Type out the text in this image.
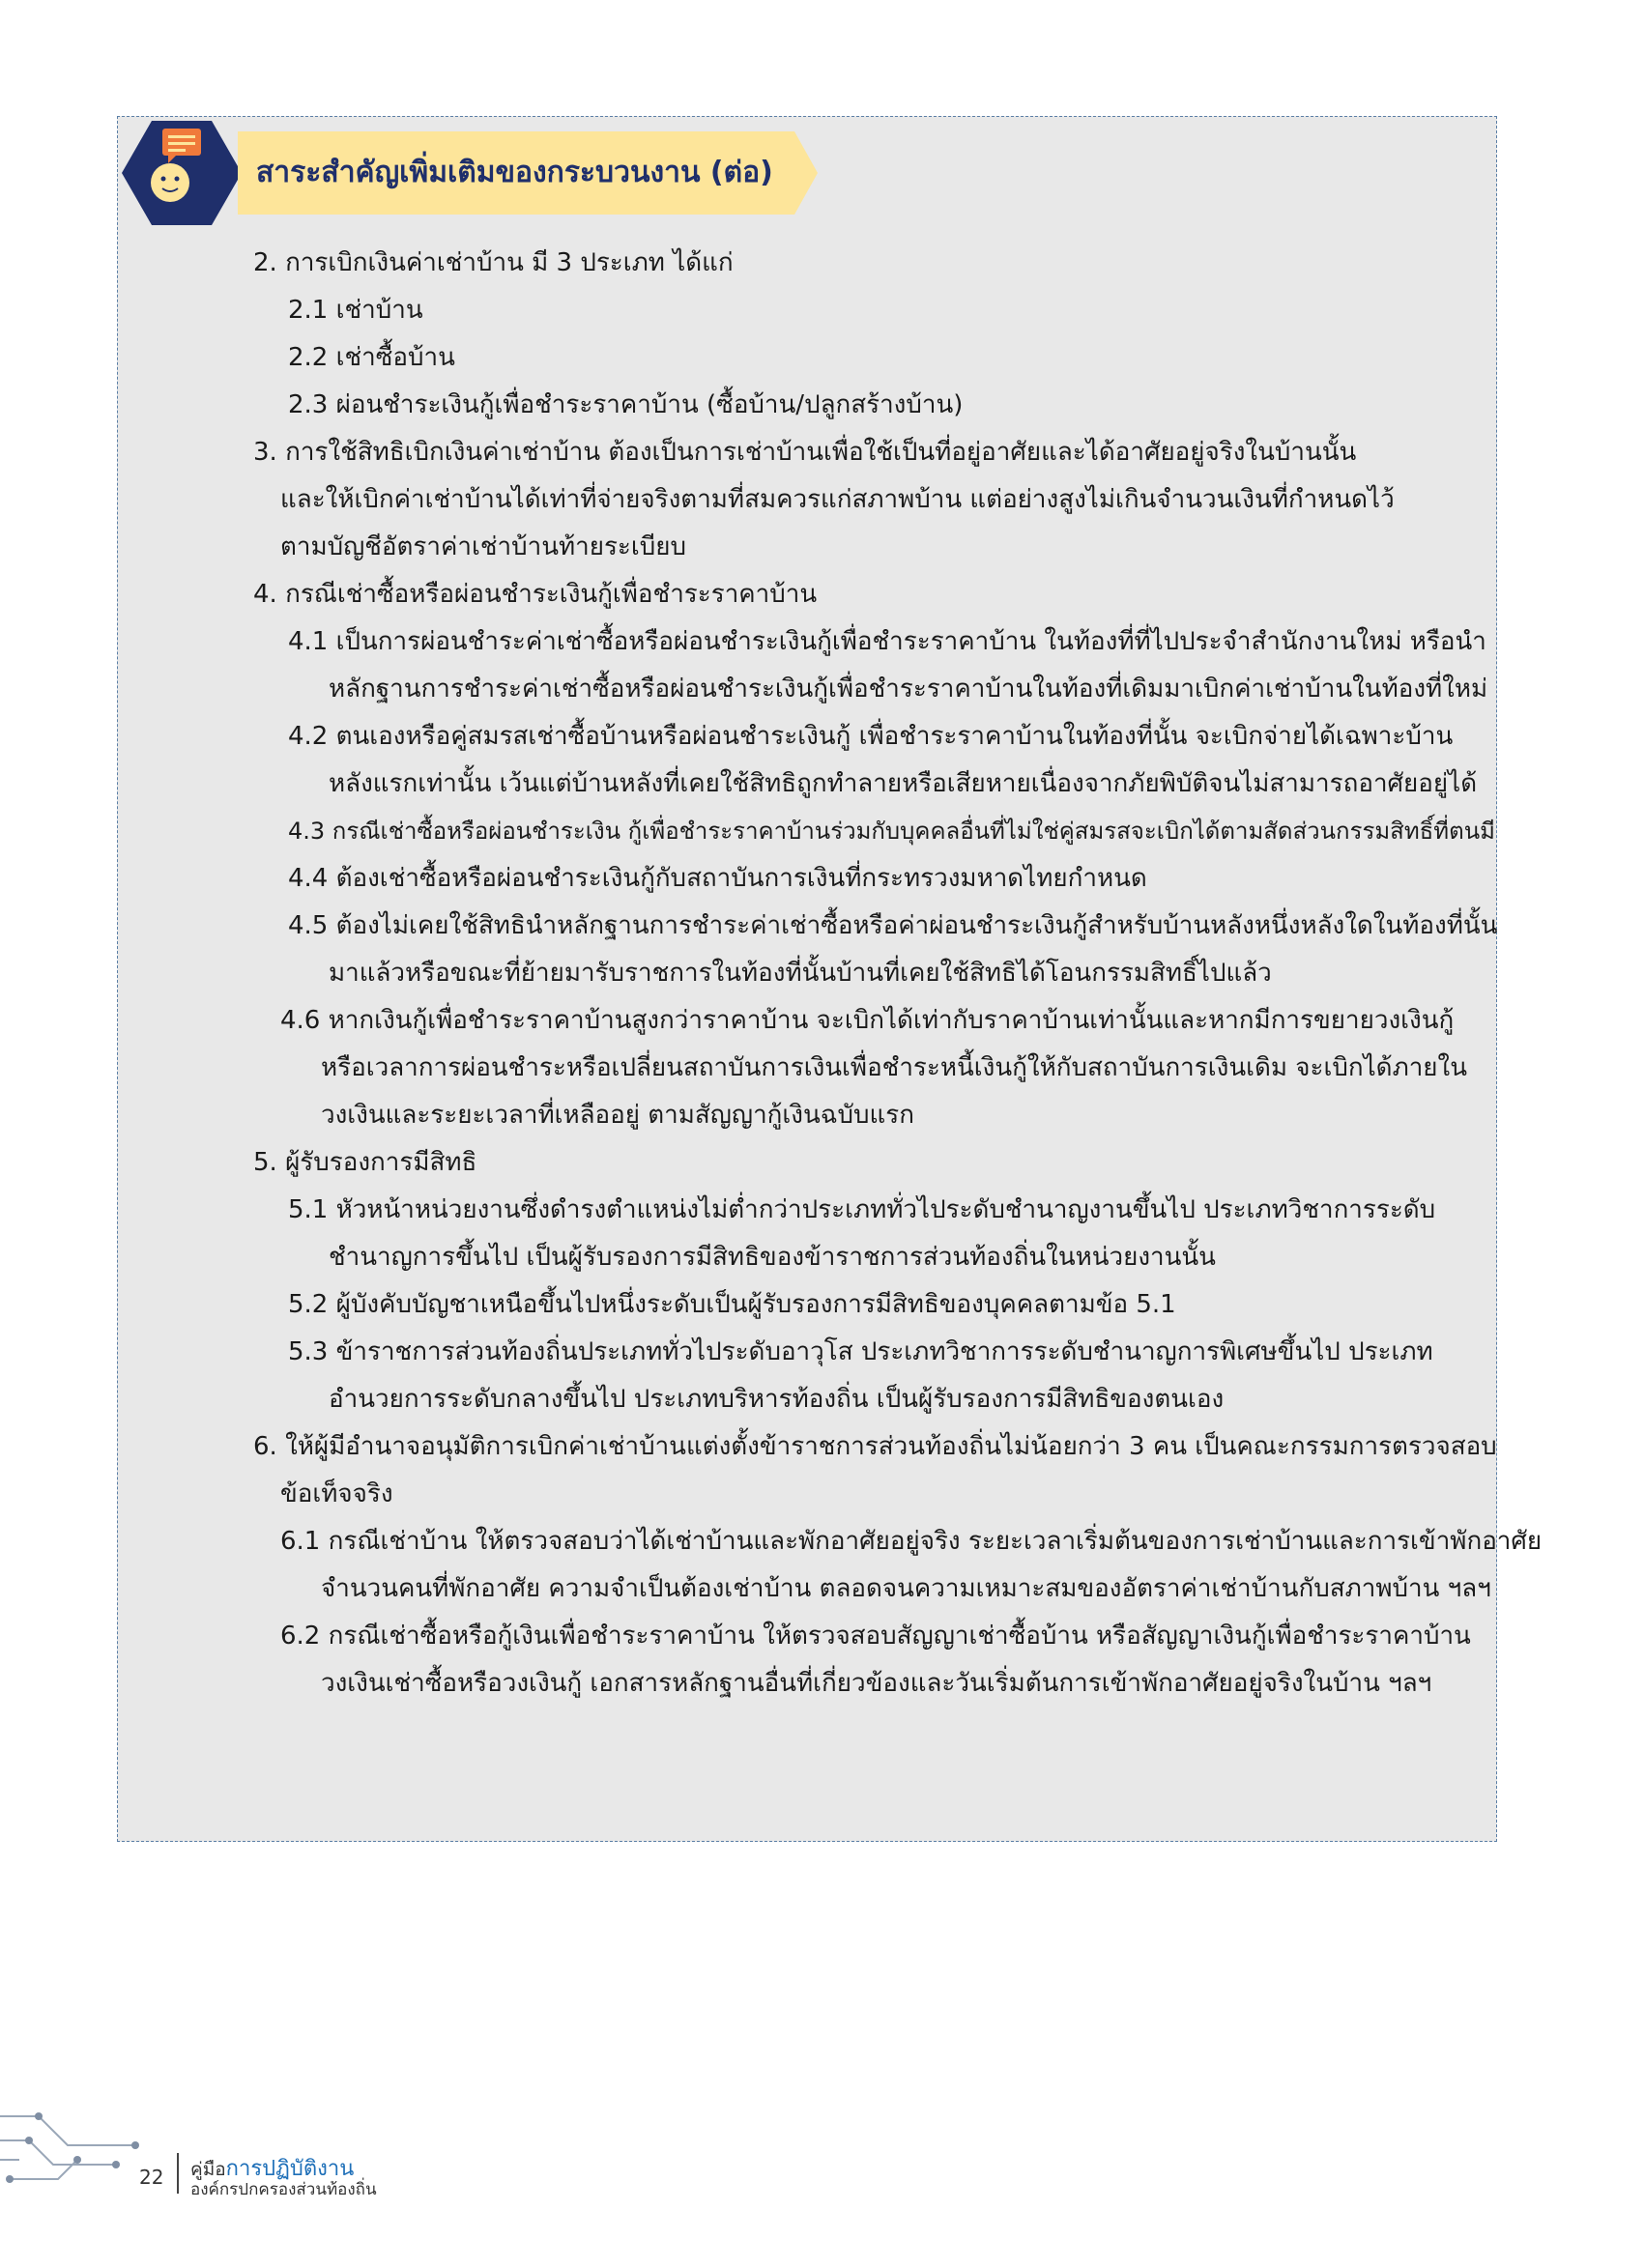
สาระสำคัญเพิ่มเติมของกระบวนงาน (ต่อ)
2. การเบิกเงินค่าเช่าบ้าน มี 3 ประเภท ได้แก่
2.1 เช่าบ้าน
2.2 เช่าซื้อบ้าน
2.3 ผ่อนชำระเงินกู้เพื่อชำระราคาบ้าน (ซื้อบ้าน/ปลูกสร้างบ้าน)
3. การใช้สิทธิเบิกเงินค่าเช่าบ้าน ต้องเป็นการเช่าบ้านเพื่อใช้เป็นที่อยู่อาศัยและได้อาศัยอยู่จริงในบ้านนั้น
และให้เบิกค่าเช่าบ้านได้เท่าที่จ่ายจริงตามที่สมควรแก่สภาพบ้าน แต่อย่างสูงไม่เกินจำนวนเงินที่กำหนดไว้
ตามบัญชีอัตราค่าเช่าบ้านท้ายระเบียบ
4. กรณีเช่าซื้อหรือผ่อนชำระเงินกู้เพื่อชำระราคาบ้าน
4.1 เป็นการผ่อนชำระค่าเช่าซื้อหรือผ่อนชำระเงินกู้เพื่อชำระราคาบ้าน ในท้องที่ที่ไปประจำสำนักงานใหม่ หรือนำ
หลักฐานการชำระค่าเช่าซื้อหรือผ่อนชำระเงินกู้เพื่อชำระราคาบ้านในท้องที่เดิมมาเบิกค่าเช่าบ้านในท้องที่ใหม่
4.2 ตนเองหรือคู่สมรสเช่าซื้อบ้านหรือผ่อนชำระเงินกู้ เพื่อชำระราคาบ้านในท้องที่นั้น จะเบิกจ่ายได้เฉพาะบ้าน
หลังแรกเท่านั้น เว้นแต่บ้านหลังที่เคยใช้สิทธิถูกทำลายหรือเสียหายเนื่องจากภัยพิบัติจนไม่สามารถอาศัยอยู่ได้
4.3 กรณีเช่าซื้อหรือผ่อนชำระเงิน กู้เพื่อชำระราคาบ้านร่วมกับบุคคลอื่นที่ไม่ใช่คู่สมรสจะเบิกได้ตามสัดส่วนกรรมสิทธิ์ที่ตนมี
4.4 ต้องเช่าซื้อหรือผ่อนชำระเงินกู้กับสถาบันการเงินที่กระทรวงมหาดไทยกำหนด
4.5 ต้องไม่เคยใช้สิทธินำหลักฐานการชำระค่าเช่าซื้อหรือค่าผ่อนชำระเงินกู้สำหรับบ้านหลังหนึ่งหลังใดในท้องที่นั้น
มาแล้วหรือขณะที่ย้ายมารับราชการในท้องที่นั้นบ้านที่เคยใช้สิทธิได้โอนกรรมสิทธิ์ไปแล้ว
4.6 หากเงินกู้เพื่อชำระราคาบ้านสูงกว่าราคาบ้าน จะเบิกได้เท่ากับราคาบ้านเท่านั้นและหากมีการขยายวงเงินกู้
หรือเวลาการผ่อนชำระหรือเปลี่ยนสถาบันการเงินเพื่อชำระหนี้เงินกู้ให้กับสถาบันการเงินเดิม จะเบิกได้ภายใน
วงเงินและระยะเวลาที่เหลืออยู่ ตามสัญญากู้เงินฉบับแรก
5. ผู้รับรองการมีสิทธิ
5.1 หัวหน้าหน่วยงานซึ่งดำรงตำแหน่งไม่ต่ำกว่าประเภททั่วไประดับชำนาญงานขึ้นไป ประเภทวิชาการระดับ
ชำนาญการขึ้นไป เป็นผู้รับรองการมีสิทธิของข้าราชการส่วนท้องถิ่นในหน่วยงานนั้น
5.2 ผู้บังคับบัญชาเหนือขึ้นไปหนึ่งระดับเป็นผู้รับรองการมีสิทธิของบุคคลตามข้อ 5.1
5.3 ข้าราชการส่วนท้องถิ่นประเภททั่วไประดับอาวุโส ประเภทวิชาการระดับชำนาญการพิเศษขึ้นไป ประเภท
อำนวยการระดับกลางขึ้นไป ประเภทบริหารท้องถิ่น เป็นผู้รับรองการมีสิทธิของตนเอง
6. ให้ผู้มีอำนาจอนุมัติการเบิกค่าเช่าบ้านแต่งตั้งข้าราชการส่วนท้องถิ่นไม่น้อยกว่า 3 คน เป็นคณะกรรมการตรวจสอบ
ข้อเท็จจริง
6.1 กรณีเช่าบ้าน ให้ตรวจสอบว่าได้เช่าบ้านและพักอาศัยอยู่จริง ระยะเวลาเริ่มต้นของการเช่าบ้านและการเข้าพักอาศัย
จำนวนคนที่พักอาศัย ความจำเป็นต้องเช่าบ้าน ตลอดจนความเหมาะสมของอัตราค่าเช่าบ้านกับสภาพบ้าน ฯลฯ
6.2 กรณีเช่าซื้อหรือกู้เงินเพื่อชำระราคาบ้าน ให้ตรวจสอบสัญญาเช่าซื้อบ้าน หรือสัญญาเงินกู้เพื่อชำระราคาบ้าน
วงเงินเช่าซื้อหรือวงเงินกู้ เอกสารหลักฐานอื่นที่เกี่ยวข้องและวันเริ่มต้นการเข้าพักอาศัยอยู่จริงในบ้าน ฯลฯ
22 คู่มือการปฏิบัติงาน
องค์กรปกครองส่วนท้องถิ่น
